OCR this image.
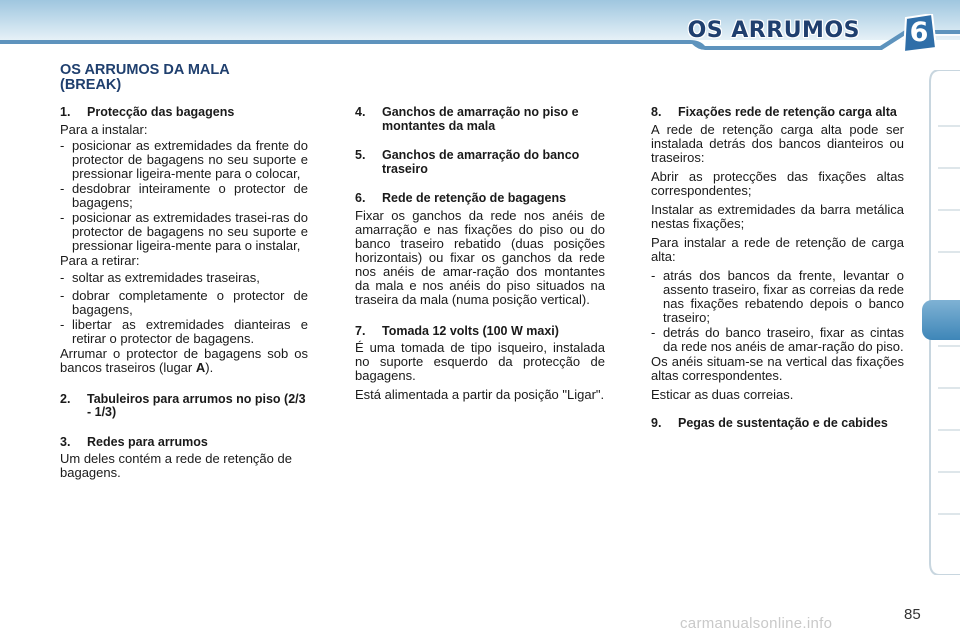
OS ARRUMOS 6
OS ARRUMOS DA MALA (BREAK)
1.	Protecção das bagagens

Para a instalar:

- posicionar as extremidades da frente do protector de bagagens no seu suporte e pressionar ligeira-mente para o colocar,
- desdobrar inteiramente o protector de bagagens;
- posicionar as extremidades trasei-ras do protector de bagagens no seu suporte e pressionar ligeira-mente para o instalar,

Para a retirar:

- soltar as extremidades traseiras,
- dobrar completamente o protector de bagagens,
- libertar as extremidades dianteiras e retirar o protector de bagagens.

Arrumar o protector de bagagens sob os bancos traseiros (lugar A).

2.	Tabuleiros para arrumos no piso (2/3 - 1/3)
3.	Redes para arrumos

Um deles contém a rede de retenção de bagagens.

4.	Ganchos de amarração no piso e montantes da mala
5.	Ganchos de amarração do banco traseiro
6.	Rede de retenção de bagagens

Fixar os ganchos da rede nos anéis de amarração e nas fixações do piso ou do banco traseiro rebatido (duas posições horizontais) ou fixar os ganchos da rede nos anéis de amar-ração dos montantes da mala e nos anéis do piso situados na traseira da mala (numa posição vertical).

7.	Tomada 12 volts (100 W maxi)

É uma tomada de tipo isqueiro, instalada no suporte esquerdo da protecção de bagagens.

Está alimentada a partir da posição "Ligar".

8.	Fixações rede de retenção carga alta

A rede de retenção carga alta pode ser instalada detrás dos bancos dianteiros ou traseiros:

Abrir as protecções das fixações altas correspondentes;

Instalar as extremidades da barra metálica nestas fixações;

Para instalar a rede de retenção de carga alta:

- atrás dos bancos da frente, levantar o assento traseiro, fixar as correias da rede nas fixações rebatendo depois o banco traseiro;
- detrás do banco traseiro, fixar as cintas da rede nos anéis de amar-ração do piso.

Os anéis situam-se na vertical das fixações altas correspondentes.

Esticar as duas correias.

9.	Pegas de sustentação e de cabides
85
carmanualsonline.info
